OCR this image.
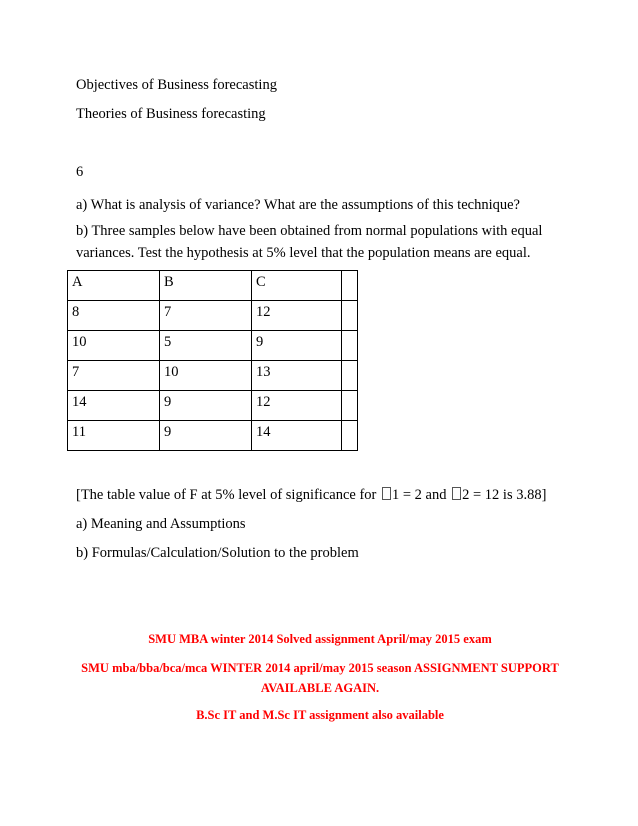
Objectives of Business forecasting
Theories of Business forecasting
6
a) What is analysis of variance? What are the assumptions of this technique?
b) Three samples below have been obtained from normal populations with equal variances. Test the hypothesis at 5% level that the population means are equal.
A	B	C	
8	7	12	
10	5	9	
7	10	13	
14	9	12	
11	9	14	
[The table value of F at 5% level of significance for 1 = 2 and 2 = 12 is 3.88]
a) Meaning and Assumptions
b) Formulas/Calculation/Solution to the problem
SMU MBA winter 2014 Solved assignment April/may 2015 exam
SMU mba/bba/bca/mca WINTER 2014 april/may 2015 season ASSIGNMENT SUPPORT AVAILABLE AGAIN.
B.Sc IT and M.Sc IT assignment also available
